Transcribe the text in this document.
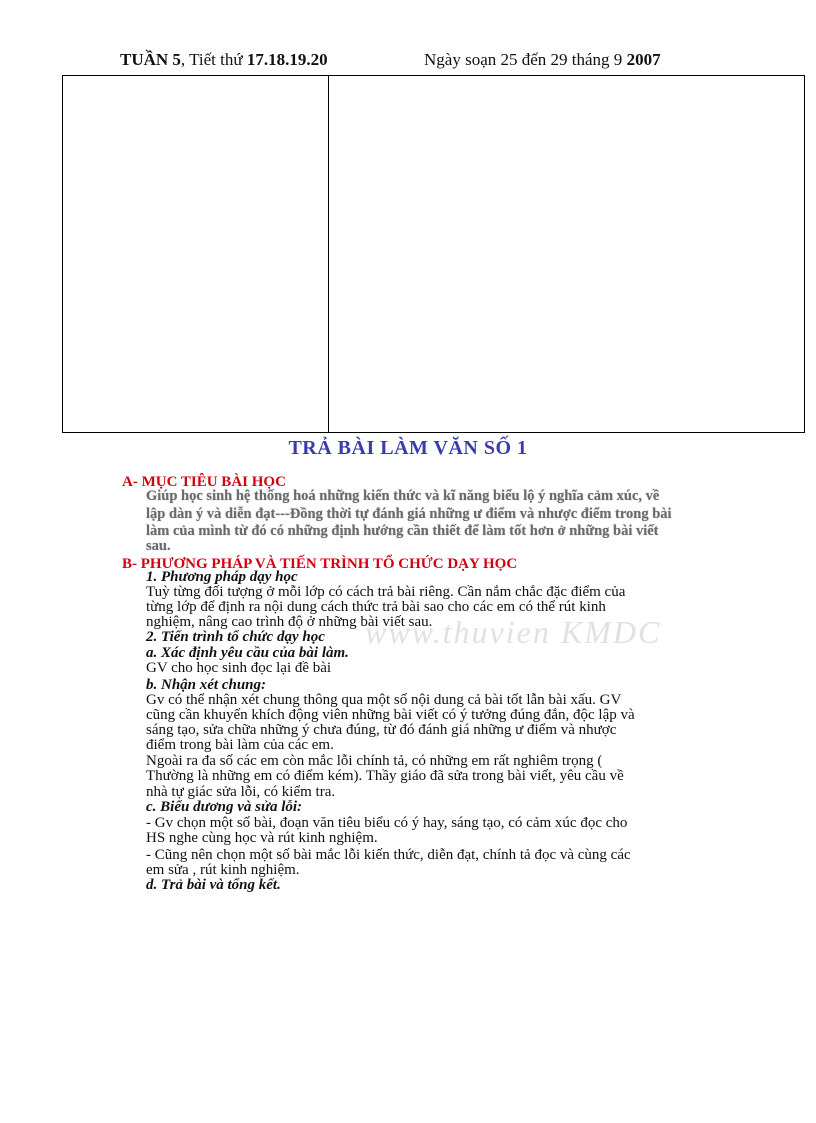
TUẦN 5, Tiết thứ 17.18.19.20	Ngày soạn 25 đến 29 tháng 9 2007
TRẢ BÀI LÀM VĂN SỐ 1
A- MỤC TIÊU BÀI HỌC
Giúp học sinh hệ thống hoá những kiến thức và kĩ năng biểu lộ ý nghĩa cảm xúc, về
lập dàn ý và diễn đạt---Đồng thời tự đánh giá những ư điểm và nhược điểm trong bài
làm của mình từ đó có những định hướng cần thiết để làm tốt hơn ở những bài viết
sau.
B- PHƯƠNG PHÁP VÀ TIẾN TRÌNH TỔ CHỨC DẠY HỌC
1. Phương pháp dạy học
Tuỳ từng đối tượng ở mỗi lớp có cách trả bài riêng. Cần nắm chắc đặc điểm của
từng lớp để định ra nội dung cách thức trả bài sao cho các em có thể rút kinh
nghiệm, nâng cao trình độ ở những bài viết sau.
2. Tiến trình tổ chức dạy học
a. Xác định yêu cầu của bài làm.
GV cho học sinh đọc lại đề bài
b. Nhận xét chung:
Gv có thể nhận xét chung thông qua một số nội dung cả bài tốt lẫn bài xấu. GV
cũng cần khuyến khích động viên những bài viết có ý tưởng đúng đắn, độc lập và
sáng tạo, sửa chữa những ý chưa đúng, từ đó đánh giá những ư điểm và nhược
điểm trong bài làm của các em.
Ngoài ra đa số các em còn mắc lỗi chính tả, có những em rất nghiêm trọng (
Thường là những em có điểm kém). Thầy giáo đã sửa trong bài viết, yêu cầu về
nhà tự giác sửa lỗi, có kiểm tra.
c. Biểu dương và sửa lỗi:
- Gv chọn một số bài, đoạn văn tiêu biểu có ý hay, sáng tạo, có cảm xúc đọc cho
HS nghe cùng học và rút kinh nghiệm.
- Cũng nên chọn một số bài mắc lỗi kiến thức, diễn đạt, chính tả đọc và cùng các
em sửa , rút kinh nghiệm.
d. Trả bài và tổng kết.
www.thuvien KMDC
